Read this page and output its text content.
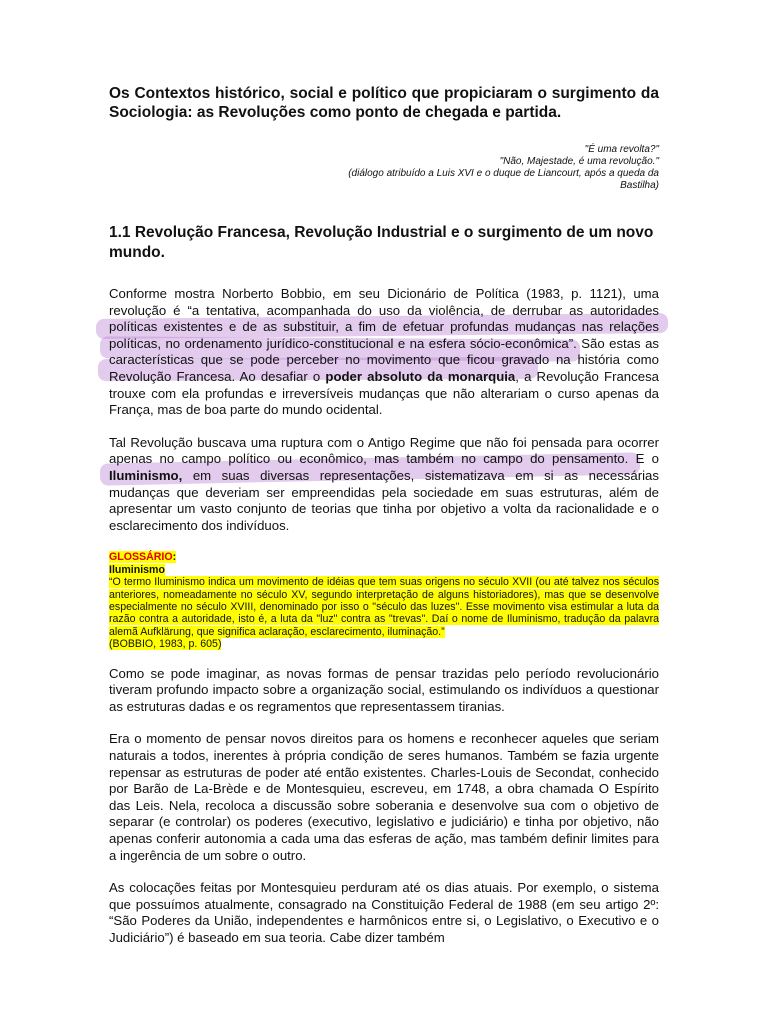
Os Contextos histórico, social e político que propiciaram o surgimento da Sociologia: as Revoluções como ponto de chegada e partida.
"É uma revolta?"
"Não, Majestade, é uma revolução."
(diálogo atribuído a Luis XVI e o duque de Liancourt, após a queda da
Bastilha)
1.1 Revolução Francesa, Revolução Industrial e o surgimento de um novo mundo.

Conforme mostra Norberto Bobbio, em seu Dicionário de Política (1983, p. 1121), uma revolução é “a tentativa, acompanhada do uso da violência, de derrubar as autoridades políticas existentes e de as substituir, a fim de efetuar profundas mudanças nas relações políticas, no ordenamento jurídico-constitucional e na esfera sócio-econômica”. São estas as características que se pode perceber no movimento que ficou gravado na história como Revolução Francesa. Ao desafiar o poder absoluto da monarquia, a Revolução Francesa trouxe com ela profundas e irreversíveis mudanças que não alterariam o curso apenas da França, mas de boa parte do mundo ocidental.

Tal Revolução buscava uma ruptura com o Antigo Regime que não foi pensada para ocorrer apenas no campo político ou econômico, mas também no campo do pensamento. E o Iluminismo, em suas diversas representações, sistematizava em si as necessárias mudanças que deveriam ser empreendidas pela sociedade em suas estruturas, além de apresentar um vasto conjunto de teorias que tinha por objetivo a volta da racionalidade e o esclarecimento dos indivíduos.

GLOSSÁRIO:
Iluminismo

“O termo Iluminismo indica um movimento de idéias que tem suas origens no século XVII (ou até talvez nos séculos anteriores, nomeadamente no século XV, segundo interpretação de alguns historiadores), mas que se desenvolve especialmente no século XVIII, denominado por isso o "século das luzes". Esse movimento visa estimular a luta da razão contra a autoridade, isto é, a luta da "luz" contra as "trevas". Daí o nome de Iluminismo, tradução da palavra alemã Aufklärung, que significa aclaração, esclarecimento, iluminação.”

(BOBBIO, 1983, p. 605)

Como se pode imaginar, as novas formas de pensar trazidas pelo período revolucionário tiveram profundo impacto sobre a organização social, estimulando os indivíduos a questionar as estruturas dadas e os regramentos que representassem tiranias.

Era o momento de pensar novos direitos para os homens e reconhecer aqueles que seriam naturais a todos, inerentes à própria condição de seres humanos. Também se fazia urgente repensar as estruturas de poder até então existentes. Charles-Louis de Secondat, conhecido por Barão de La-Brède e de Montesquieu, escreveu, em 1748, a obra chamada O Espírito das Leis. Nela, recoloca a discussão sobre soberania e desenvolve sua com o objetivo de separar (e controlar) os poderes (executivo, legislativo e judiciário) e tinha por objetivo, não apenas conferir autonomia a cada uma das esferas de ação, mas também definir limites para a ingerência de um sobre o outro.

As colocações feitas por Montesquieu perduram até os dias atuais. Por exemplo, o sistema que possuímos atualmente, consagrado na Constituição Federal de 1988 (em seu artigo 2º: “São Poderes da União, independentes e harmônicos entre si, o Legislativo, o Executivo e o Judiciário”) é baseado em sua teoria. Cabe dizer também
